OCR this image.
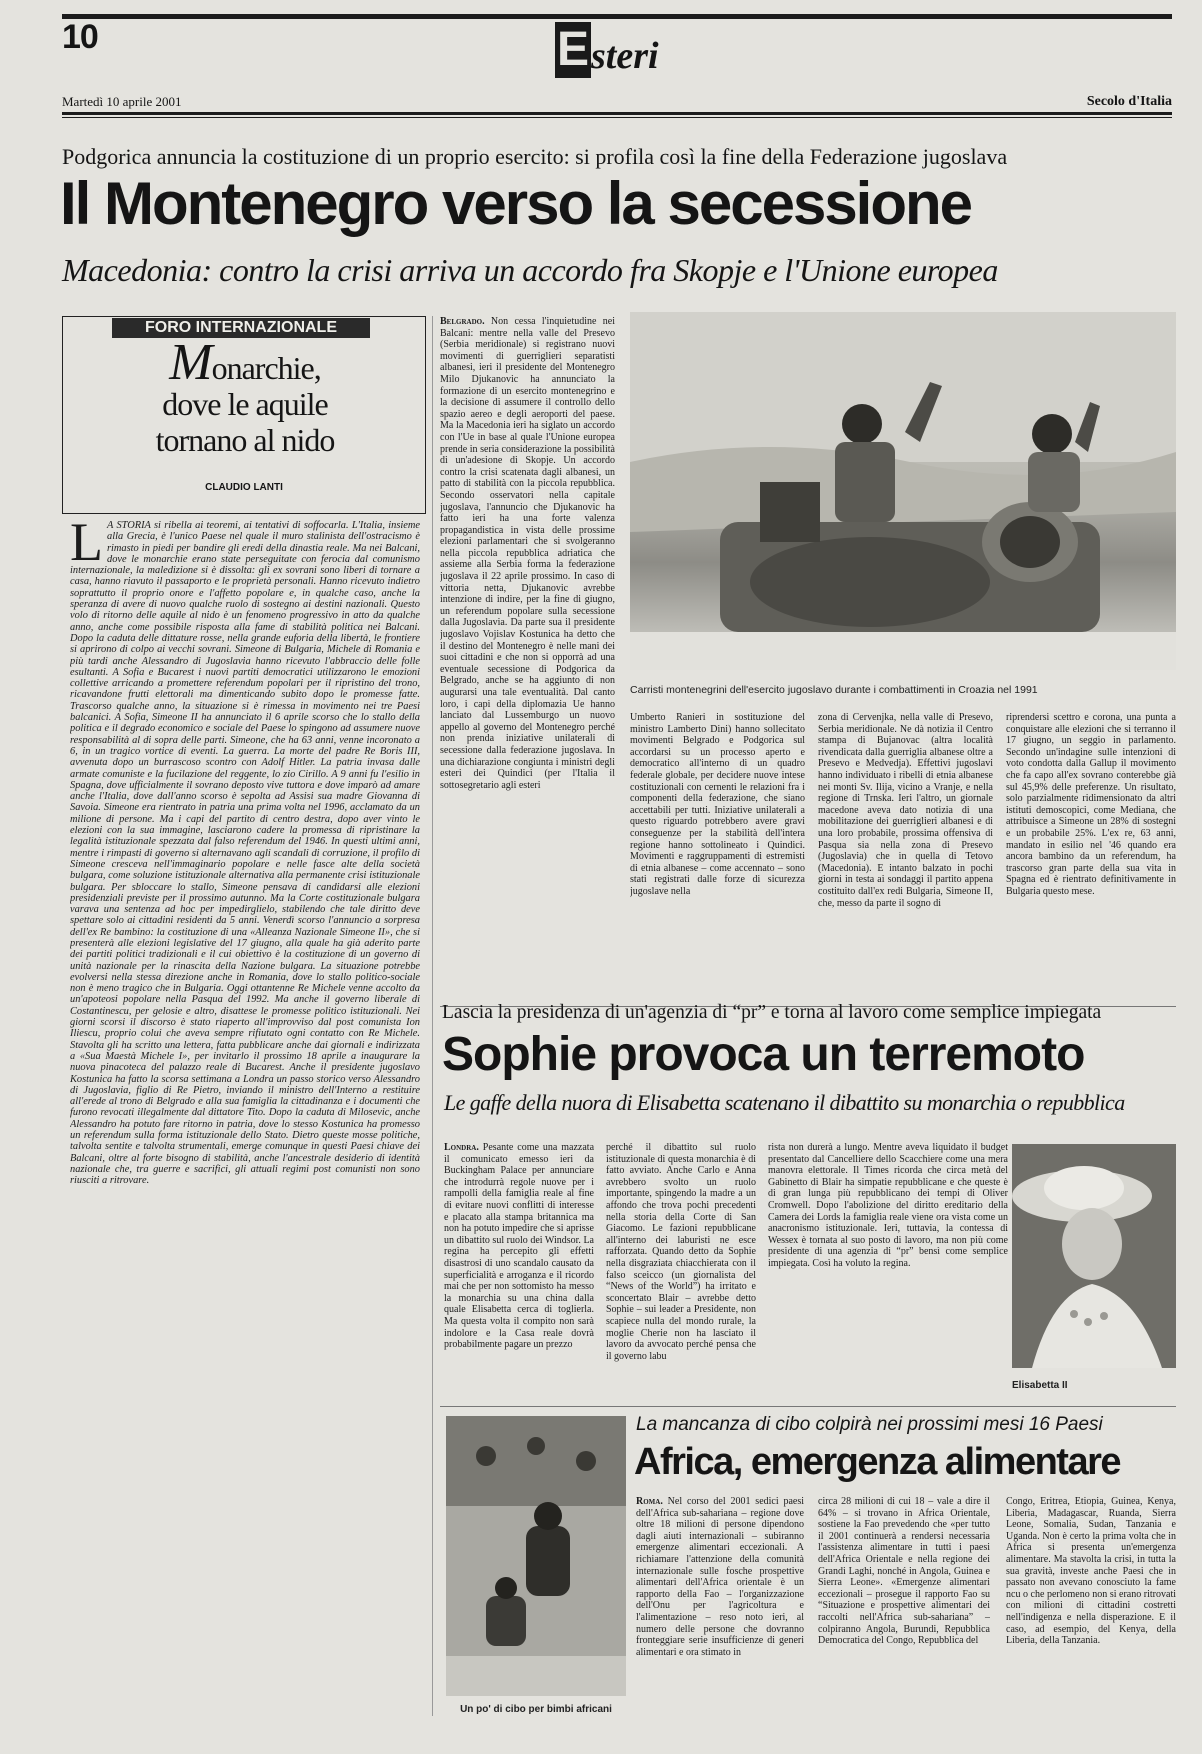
10	Esteri
Martedì 10 aprile 2001	Secolo d'Italia
Podgorica annuncia la costituzione di un proprio esercito: si profila così la fine della Federazione jugoslava
Il Montenegro verso la secessione
Macedonia: contro la crisi arriva un accordo fra Skopje e l'Unione europea
FORO INTERNAZIONALE
Monarchie,
dove le aquile
tornano al nido
CLAUDIO LANTI
L A STORIA si ribella ai teoremi, ai tentativi di soffocarla. L'Italia, insieme alla Grecia, è l'unico Paese nel quale il muro stalinista dell'ostracismo è rimasto in piedi per bandire gli eredi della dinastia reale. Ma nei Balcani, dove le monarchie erano state perseguitate con ferocia dal comunismo internazionale, la maledizione si è dissolta: gli ex sovrani sono liberi di tornare a casa, hanno riavuto il passaporto e le proprietà personali. Hanno ricevuto indietro soprattutto il proprio onore e l'affetto popolare e, in qualche caso, anche la speranza di avere di nuovo qualche ruolo di sostegno ai destini nazionali. Questo volo di ritorno delle aquile al nido è un fenomeno progressivo in atto da qualche anno, anche come possibile risposta alla fame di stabilità politica nei Balcani. Dopo la caduta delle dittature rosse, nella grande euforia della libertà, le frontiere si aprirono di colpo ai vecchi sovrani. Simeone di Bulgaria, Michele di Romania e più tardi anche Alessandro di Jugoslavia hanno ricevuto l'abbraccio delle folle esultanti. A Sofia e Bucarest i nuovi partiti democratici utilizzarono le emozioni collettive arricando a promettere referendum popolari per il ripristino del trono, ricavandone frutti elettorali ma dimenticando subito dopo le promesse fatte. Trascorso qualche anno, la situazione si è rimessa in movimento nei tre Paesi balcanici. A Sofia, Simeone II ha annunciato il 6 aprile scorso che lo stallo della politica e il degrado economico e sociale del Paese lo spingono ad assumere nuove responsabilità al di sopra delle parti. Simeone, che ha 63 anni, venne incoronato a 6, in un tragico vortice di eventi. La guerra. La morte del padre Re Boris III, avvenuta dopo un burrascoso scontro con Adolf Hitler. La patria invasa dalle armate comuniste e la fucilazione del reggente, lo zio Cirillo. A 9 anni fu l'esilio in Spagna, dove ufficialmente il sovrano deposto vive tuttora e dove imparò ad amare anche l'Italia, dove dall'anno scorso è sepolta ad Assisi sua madre Giovanna di Savoia. Simeone era rientrato in patria una prima volta nel 1996, acclamato da un milione di persone. Ma i capi del partito di centro destra, dopo aver vinto le elezioni con la sua immagine, lasciarono cadere la promessa di ripristinare la legalità istituzionale spezzata dal falso referendum del 1946. In questi ultimi anni, mentre i rimpasti di governo si alternavano agli scandali di corruzione, il profilo di Simeone cresceva nell'immaginario popolare e nelle fasce alte della società bulgara, come soluzione istituzionale alternativa alla permanente crisi istituzionale bulgara. Per sbloccare lo stallo, Simeone pensava di candidarsi alle elezioni presidenziali previste per il prossimo autunno. Ma la Corte costituzionale bulgara varava una sentenza ad hoc per impedirglielo, stabilendo che tale diritto deve spettare solo ai cittadini residenti da 5 anni. Venerdì scorso l'annuncio a sorpresa dell'ex Re bambino: la costituzione di una «Alleanza Nazionale Simeone II», che si presenterà alle elezioni legislative del 17 giugno, alla quale ha già aderito parte dei partiti politici tradizionali e il cui obiettivo è la costituzione di un governo di unità nazionale per la rinascita della Nazione bulgara. La situazione potrebbe evolversi nella stessa direzione anche in Romania, dove lo stallo politico-sociale non è meno tragico che in Bulgaria. Oggi ottantenne Re Michele venne accolto da un'apoteosi popolare nella Pasqua del 1992. Ma anche il governo liberale di Costantinescu, per gelosie e altro, disattese le promesse politico istituzionali. Nei giorni scorsi il discorso è stato riaperto all'improvviso dal post comunista Ion Iliescu, proprio colui che aveva sempre rifiutato ogni contatto con Re Michele. Stavolta gli ha scritto una lettera, fatta pubblicare anche dai giornali e indirizzata a «Sua Maestà Michele I», per invitarlo il prossimo 18 aprile a inaugurare la nuova pinacoteca del palazzo reale di Bucarest. Anche il presidente jugoslavo Kostunica ha fatto la scorsa settimana a Londra un passo storico verso Alessandro di Jugoslavia, figlio di Re Pietro, inviando il ministro dell'Interno a restituire all'erede al trono di Belgrado e alla sua famiglia la cittadinanza e i documenti che furono revocati illegalmente dal dittatore Tito. Dopo la caduta di Milosevic, anche Alessandro ha potuto fare ritorno in patria, dove lo stesso Kostunica ha promesso un referendum sulla forma istituzionale dello Stato. Dietro queste mosse politiche, talvolta sentite e talvolta strumentali, emerge comunque in questi Paesi chiave dei Balcani, oltre al forte bisogno di stabilità, anche l'ancestrale desiderio di identità nazionale che, tra guerre e sacrifici, gli attuali regimi post comunisti non sono riusciti a ritrovare.
Belgrado. Non cessa l'inquietudine nei Balcani: mentre nella valle del Presevo (Serbia meridionale) si registrano nuovi movimenti di guerriglieri separatisti albanesi, ieri il presidente del Montenegro Milo Djukanovic ha annunciato la formazione di un esercito montenegrino e la decisione di assumere il controllo dello spazio aereo e degli aeroporti del paese. Ma la Macedonia ieri ha siglato un accordo con l'Ue in base al quale l'Unione europea prende in seria considerazione la possibilità di un'adesione di Skopje. Un accordo contro la crisi scatenata dagli albanesi, un patto di stabilità con la piccola repubblica. Secondo osservatori nella capitale jugoslava, l'annuncio che Djukanovic ha fatto ieri ha una forte valenza propagandistica in vista delle prossime elezioni parlamentari che si svolgeranno nella piccola repubblica adriatica che assieme alla Serbia forma la federazione jugoslava il 22 aprile prossimo. In caso di vittoria netta, Djukanovic avrebbe intenzione di indire, per la fine di giugno, un referendum popolare sulla secessione dalla Jugoslavia. Da parte sua il presidente jugoslavo Vojislav Kostunica ha detto che il destino del Montenegro è nelle mani dei suoi cittadini e che non si opporrà ad una eventuale secessione di Podgorica da Belgrado, anche se ha aggiunto di non augurarsi una tale eventualità. Dal canto loro, i capi della diplomazia Ue hanno lanciato dal Lussemburgo un nuovo appello al governo del Montenegro perché non prenda iniziative unilaterali di secessione dalla federazione jugoslava. In una dichiarazione congiunta i ministri degli esteri dei Quindici (per l'Italia il sottosegretario agli esteri
Carristi montenegrini dell'esercito jugoslavo durante i combattimenti in Croazia nel 1991
Umberto Ranieri in sostituzione del ministro Lamberto Dini) hanno sollecitato movimenti Belgrado e Podgorica sul accordarsi su un processo aperto e democratico all'interno di un quadro federale globale, per decidere nuove intese costituzionali con cernenti le relazioni fra i componenti della federazione, che siano accettabili per tutti. Iniziative unilaterali a questo riguardo potrebbero avere gravi conseguenze per la stabilità dell'intera regione hanno sottolineato i Quindici. Movimenti e raggruppamenti di estremisti di etnia albanese – come accennato – sono stati registrati dalle forze di sicurezza jugoslave nella
zona di Cervenjka, nella valle di Presevo, Serbia meridionale. Ne dà notizia il Centro stampa di Bujanovac (altra località rivendicata dalla guerriglia albanese oltre a Presevo e Medvedja). Effettivi jugoslavi hanno individuato i ribelli di etnia albanese nei monti Sv. Ilija, vicino a Vranje, e nella regione di Trnska. Ieri l'altro, un giornale macedone aveva dato notizia di una mobilitazione dei guerriglieri albanesi e di una loro probabile, prossima offensiva di Pasqua sia nella zona di Presevo (Jugoslavia) che in quella di Tetovo (Macedonia). E intanto balzato in pochi giorni in testa ai sondaggi il partito appena costituito dall'ex redi Bulgaria, Simeone II, che, messo da parte il sogno di
riprendersi scettro e corona, una punta a conquistare alle elezioni che si terranno il 17 giugno, un seggio in parlamento. Secondo un'indagine sulle intenzioni di voto condotta dalla Gallup il movimento che fa capo all'ex sovrano conterebbe già sul 45,9% delle preferenze. Un risultato, solo parzialmente ridimensionato da altri istituti demoscopici, come Mediana, che attribuisce a Simeone un 28% di sostegni e un probabile 25%. L'ex re, 63 anni, mandato in esilio nel '46 quando era ancora bambino da un referendum, ha trascorso gran parte della sua vita in Spagna ed è rientrato definitivamente in Bulgaria questo mese.
Lascia la presidenza di un'agenzia di “pr” e torna al lavoro come semplice impiegata
Sophie provoca un terremoto
Le gaffe della nuora di Elisabetta scatenano il dibattito su monarchia o repubblica
Londra. Pesante come una mazzata il comunicato emesso ieri da Buckingham Palace per annunciare che introdurrà regole nuove per i rampolli della famiglia reale al fine di evitare nuovi conflitti di interesse e placato alla stampa britannica ma non ha potuto impedire che si aprisse un dibattito sul ruolo dei Windsor. La regina ha percepito gli effetti disastrosi di uno scandalo causato da superficialità e arroganza e il ricordo mai che per non sottomisto ha messo la monarchia su una china dalla quale Elisabetta cerca di toglierla. Ma questa volta il compito non sarà indolore e la Casa reale dovrà probabilmente pagare un prezzo
perché il dibattito sul ruolo istituzionale di questa monarchia è di fatto avviato. Anche Carlo e Anna avrebbero svolto un ruolo importante, spingendo la madre a un affondo che trova pochi precedenti nella storia della Corte di San Giacomo. Le fazioni repubblicane all'interno dei laburisti ne esce rafforzata. Quando detto da Sophie nella disgraziata chiacchierata con il falso sceicco (un giornalista del “News of the World”) ha irritato e sconcertato Blair – avrebbe detto Sophie – sui leader a Presidente, non scapiece nulla del mondo rurale, la moglie Cherie non ha lasciato il lavoro da avvocato perché pensa che il governo labu
rista non durerà a lungo. Mentre aveva liquidato il budget presentato dal Cancelliere dello Scacchiere come una mera manovra elettorale. Il Times ricorda che circa metà del Gabinetto di Blair ha simpatie repubblicane e che queste è di gran lunga più repubblicano dei tempi di Oliver Cromwell. Dopo l'abolizione del diritto ereditario della Camera dei Lords la famiglia reale viene ora vista come un anacronismo istituzionale. Ieri, tuttavia, la contessa di Wessex è tornata al suo posto di lavoro, ma non più come presidente di una agenzia di “pr” bensì come semplice impiegata. Così ha voluto la regina.
Elisabetta II
Un po' di cibo per bimbi africani
La mancanza di cibo colpirà nei prossimi mesi 16 Paesi
Africa, emergenza alimentare
Roma. Nel corso del 2001 sedici paesi dell'Africa sub-sahariana – regione dove oltre 18 milioni di persone dipendono dagli aiuti internazionali – subiranno emergenze alimentari eccezionali. A richiamare l'attenzione della comunità internazionale sulle fosche prospettive alimentari dell'Africa orientale è un rapporto della Fao – l'organizzazione dell'Onu per l'agricoltura e l'alimentazione – reso noto ieri, al numero delle persone che dovranno fronteggiare serie insufficienze di generi alimentari e ora stimato in
circa 28 milioni di cui 18 – vale a dire il 64% – si trovano in Africa Orientale, sostiene la Fao prevedendo che «per tutto il 2001 continuerà a rendersi necessaria l'assistenza alimentare in tutti i paesi dell'Africa Orientale e nella regione dei Grandi Laghi, nonché in Angola, Guinea e Sierra Leone». «Emergenze alimentari eccezionali – prosegue il rapporto Fao su “Situazione e prospettive alimentari dei raccolti nell'Africa sub-sahariana” – colpiranno Angola, Burundi, Repubblica Democratica del Congo, Repubblica del
Congo, Eritrea, Etiopia, Guinea, Kenya, Liberia, Madagascar, Ruanda, Sierra Leone, Somalia, Sudan, Tanzania e Uganda. Non è certo la prima volta che in Africa si presenta un'emergenza alimentare. Ma stavolta la crisi, in tutta la sua gravità, investe anche Paesi che in passato non avevano conosciuto la fame ncu o che perlomeno non si erano ritrovati con milioni di cittadini costretti nell'indigenza e nella disperazione. E il caso, ad esempio, del Kenya, della Liberia, della Tanzania.
